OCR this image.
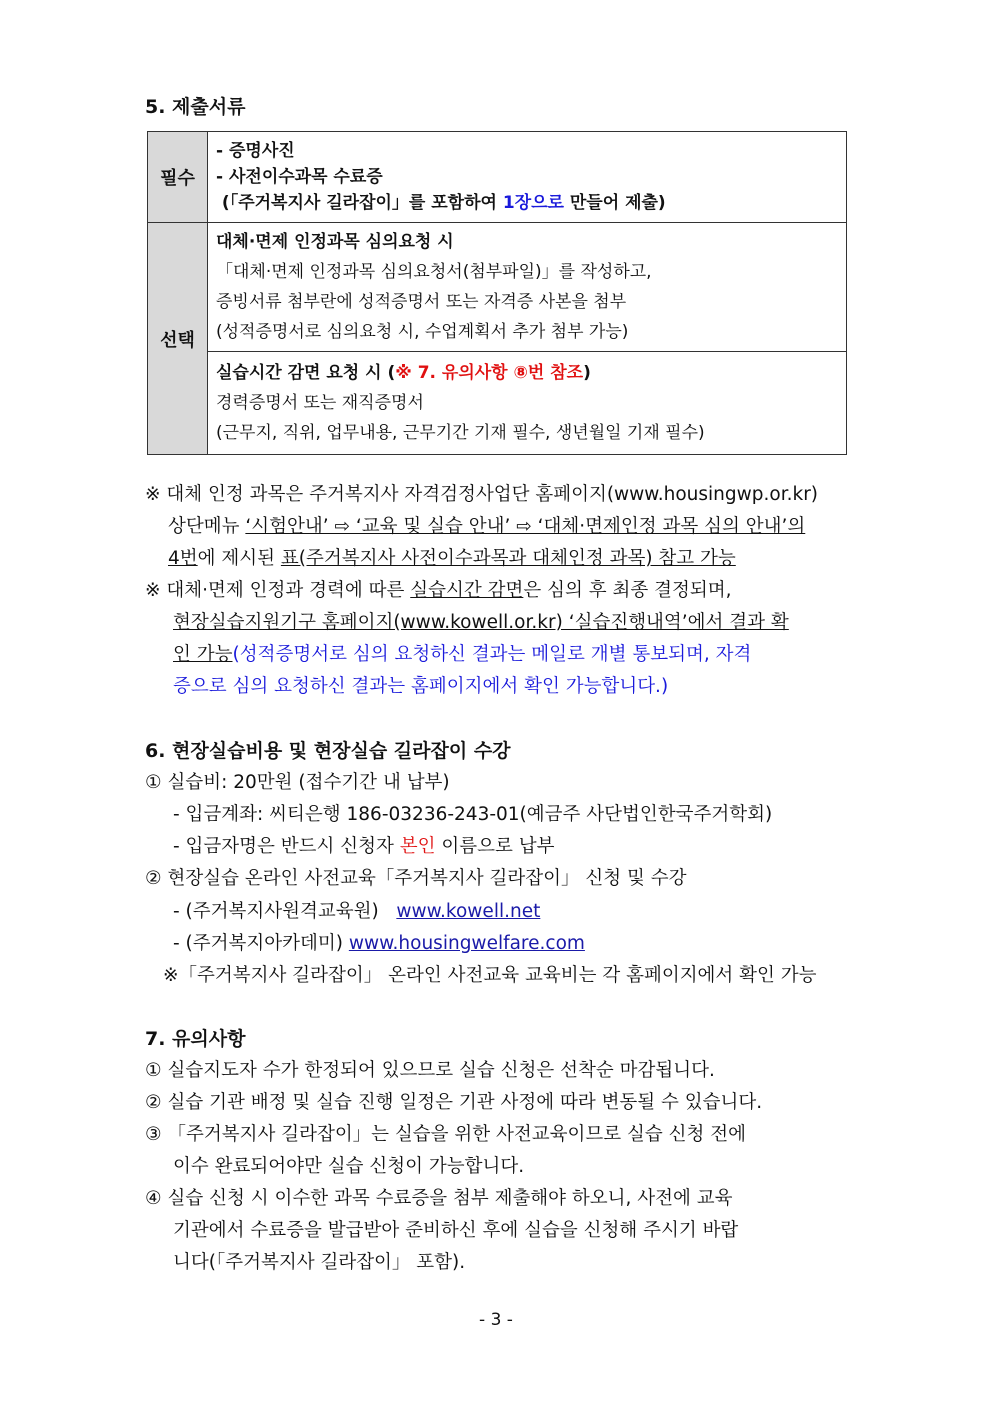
5. 제출서류
필수	- 증명사진
- 사전이수과목 수료증
(「주거복지사 길라잡이」를 포함하여 1장으로 만들어 제출)

선택	대체·면제 인정과목 심의요청 시
「대체·면제 인정과목 심의요청서(첨부파일)」를 작성하고,
증빙서류 첨부란에 성적증명서 또는 자격증 사본을 첨부
(성적증명서로 심의요청 시, 수업계획서 추가 첨부 가능)

	실습시간 감면 요청 시 (※ 7. 유의사항 ⑧번 참조)
경력증명서 또는 재직증명서
(근무지, 직위, 업무내용, 근무기간 기재 필수, 생년월일 기재 필수)
※ 대체 인정 과목은 주거복지사 자격검정사업단 홈페이지(www.housingwp.or.kr)
상단메뉴 ‘시험안내’ ⇨ ‘교육 및 실습 안내’ ⇨ ‘대체·면제인정 과목 심의 안내’의
4번에 제시된 표(주거복지사 사전이수과목과 대체인정 과목) 참고 가능
※ 대체·면제 인정과 경력에 따른 실습시간 감면은 심의 후 최종 결정되며,
현장실습지원기구 홈페이지(www.kowell.or.kr) ‘실습진행내역’에서 결과 확
인 가능(성적증명서로 심의 요청하신 결과는 메일로 개별 통보되며, 자격
증으로 심의 요청하신 결과는 홈페이지에서 확인 가능합니다.)
6. 현장실습비용 및 현장실습 길라잡이 수강
① 실습비: 20만원 (접수기간 내 납부)
- 입금계좌: 씨티은행 186-03236-243-01(예금주 사단법인한국주거학회)
- 입금자명은 반드시 신청자 본인 이름으로 납부
② 현장실습 온라인 사전교육「주거복지사 길라잡이」 신청 및 수강
- (주거복지사원격교육원)   www.kowell.net
- (주거복지아카데미) www.housingwelfare.com
※「주거복지사 길라잡이」 온라인 사전교육 교육비는 각 홈페이지에서 확인 가능
7. 유의사항
① 실습지도자 수가 한정되어 있으므로 실습 신청은 선착순 마감됩니다.
② 실습 기관 배정 및 실습 진행 일정은 기관 사정에 따라 변동될 수 있습니다.
③ 「주거복지사 길라잡이」는 실습을 위한 사전교육이므로 실습 신청 전에
이수 완료되어야만 실습 신청이 가능합니다.
④ 실습 신청 시 이수한 과목 수료증을 첨부 제출해야 하오니, 사전에 교육
기관에서 수료증을 발급받아 준비하신 후에 실습을 신청해 주시기 바랍
니다(「주거복지사 길라잡이」 포함).
- 3 -
